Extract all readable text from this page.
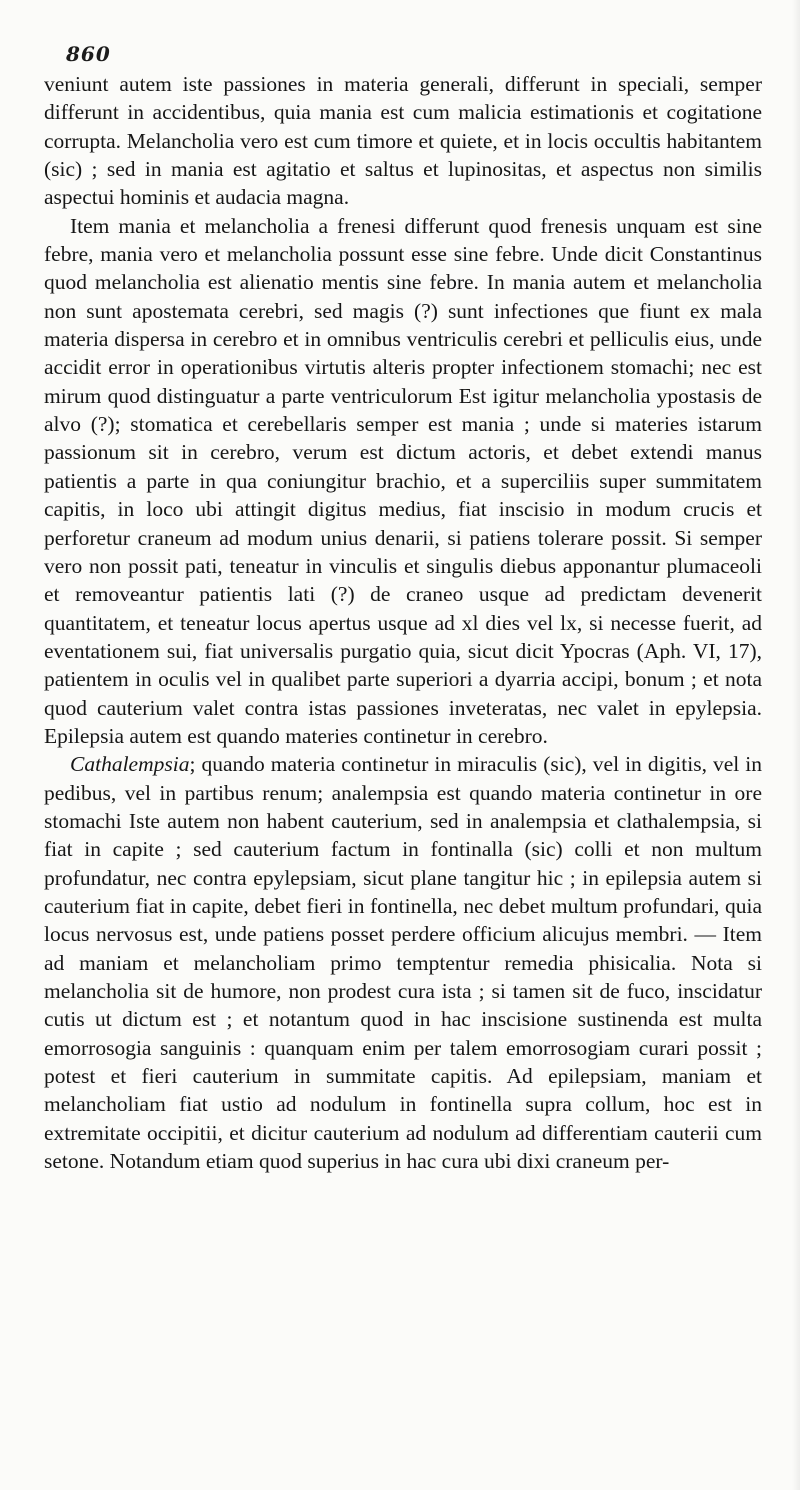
860

veniunt autem iste passiones in materia generali, differunt in speciali, semper differunt in accidentibus, quia mania est cum malicia estimationis et cogitatione corrupta. Melancholia vero est cum timore et quiete, et in locis occultis habitantem (sic) ; sed in mania est agitatio et saltus et lupinositas, et aspectus non similis aspectui hominis et audacia magna.

Item mania et melancholia a frenesi differunt quod frenesis unquam est sine febre, mania vero et melancholia possunt esse sine febre. Unde dicit Constantinus quod melancholia est alienatio mentis sine febre. In mania autem et melancholia non sunt apostemata cerebri, sed magis (?) sunt infectiones que fiunt ex mala materia dispersa in cerebro et in omnibus ventriculis cerebri et pelliculis eius, unde accidit error in operationibus virtutis alteris propter infectionem stomachi; nec est mirum quod distinguatur a parte ventriculorum Est igitur melancholia ypostasis de alvo (?); stomatica et cerebellaris semper est mania ; unde si materies istarum passionum sit in cerebro, verum est dictum actoris, et debet extendi manus patientis a parte in qua coniungitur brachio, et a superciliis super summitatem capitis, in loco ubi attingit digitus medius, fiat inscisio in modum crucis et perforetur craneum ad modum unius denarii, si patiens tolerare possit. Si semper vero non possit pati, teneatur in vinculis et singulis diebus apponantur plumaceoli et removeantur patientis lati (?) de craneo usque ad predictam devenerit quantitatem, et teneatur locus apertus usque ad xl dies vel lx, si necesse fuerit, ad eventationem sui, fiat universalis purgatio quia, sicut dicit Ypocras (Aph. VI, 17), patientem in oculis vel in qualibet parte superiori a dyarria accipi, bonum ; et nota quod cauterium valet contra istas passiones inveteratas, nec valet in epylepsia. Epilepsia autem est quando materies continetur in cerebro.

Cathalempsia; quando materia continetur in miraculis (sic), vel in digitis, vel in pedibus, vel in partibus renum; analempsia est quando materia continetur in ore stomachi Iste autem non habent cauterium, sed in analempsia et clathalempsia, si fiat in capite ; sed cauterium factum in fontinalla (sic) colli et non multum profundatur, nec contra epylepsiam, sicut plane tangitur hic ; in epilepsia autem si cauterium fiat in capite, debet fieri in fontinella, nec debet multum profundari, quia locus nervosus est, unde patiens posset perdere officium alicujus membri. — Item ad maniam et melancholiam primo temptentur remedia phisicalia. Nota si melancholia sit de humore, non prodest cura ista ; si tamen sit de fuco, inscidatur cutis ut dictum est ; et notantum quod in hac inscisione sustinenda est multa emorrosogia sanguinis : quanquam enim per talem emorrosogiam curari possit ; potest et fieri cauterium in summitate capitis. Ad epilepsiam, maniam et melancholiam fiat ustio ad nodulum in fontinella supra collum, hoc est in extremitate occipitii, et dicitur cauterium ad nodulum ad differentiam cauterii cum setone. Notandum etiam quod superius in hac cura ubi dixi craneum per-
